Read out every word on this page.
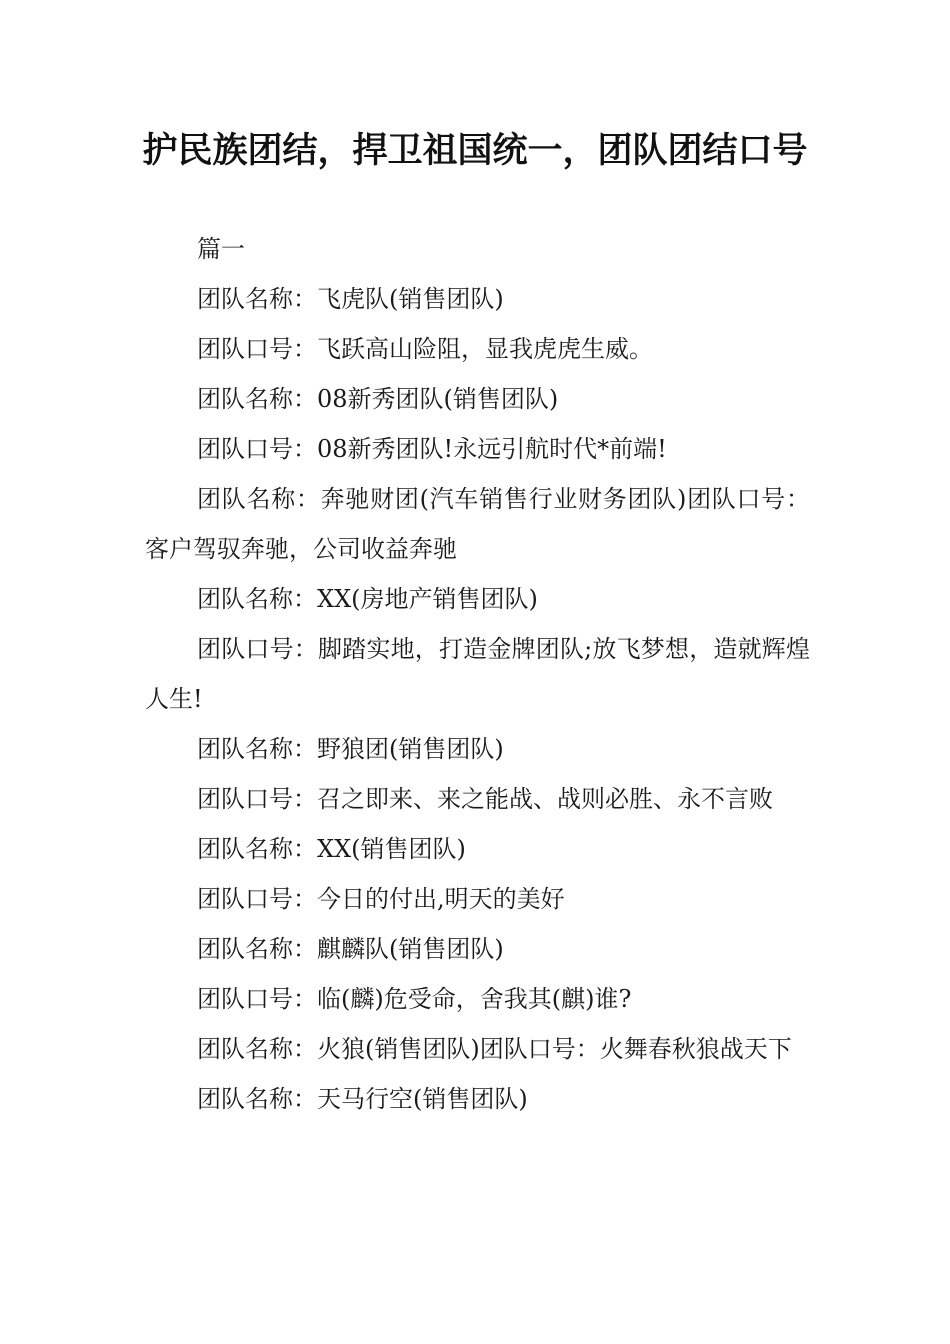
护民族团结，捍卫祖国统一，团队团结口号

篇一

团队名称：飞虎队(销售团队)

团队口号：飞跃高山险阻，显我虎虎生威。

团队名称：08新秀团队(销售团队)

团队口号：08新秀团队!永远引航时代*前端!

团队名称：奔驰财团(汽车销售行业财务团队)团队口号：客户驾驭奔驰，公司收益奔驰

团队名称：XX(房地产销售团队)

团队口号：脚踏实地，打造金牌团队;放飞梦想，造就辉煌人生!

团队名称：野狼团(销售团队)

团队口号：召之即来、来之能战、战则必胜、永不言败

团队名称：XX(销售团队)

团队口号：今日的付出,明天的美好

团队名称：麒麟队(销售团队)

团队口号：临(麟)危受命，舍我其(麒)谁?

团队名称：火狼(销售团队)团队口号：火舞春秋狼战天下

团队名称：天马行空(销售团队)
